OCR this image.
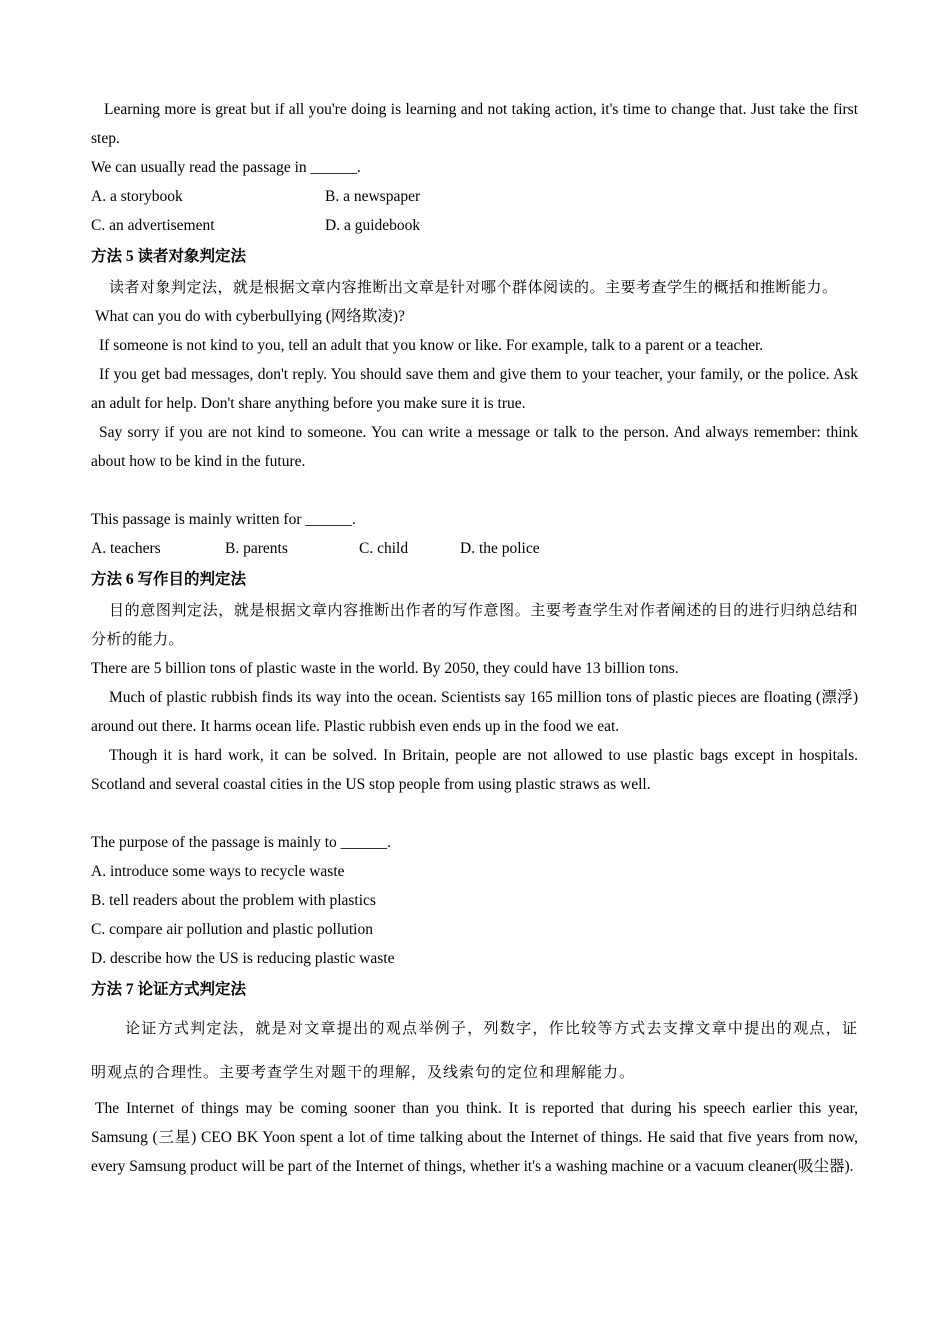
Learning more is great but if all you're doing is learning and not taking action, it's time to change that. Just take the first step.

We can usually read the passage in ______.

A. a storybook	B. a newspaper
C. an advertisement	D. a guidebook
方法 5 读者对象判定法

读者对象判定法，就是根据文章内容推断出文章是针对哪个群体阅读的。主要考查学生的概括和推断能力。

What can you do with cyberbullying (网络欺凌)?

If someone is not kind to you, tell an adult that you know or like. For example, talk to a parent or a teacher.

If you get bad messages, don't reply. You should save them and give them to your teacher, your family, or the police. Ask an adult for help. Don't share anything before you make sure it is true.

Say sorry if you are not kind to someone. You can write a message or talk to the person. And always remember: think about how to be kind in the future.

This passage is mainly written for ______.

A. teachers	B. parents	C. child	D. the police
方法 6 写作目的判定法

目的意图判定法，就是根据文章内容推断出作者的写作意图。主要考查学生对作者阐述的目的进行归纳总结和分析的能力。

There are 5 billion tons of plastic waste in the world. By 2050, they could have 13 billion tons.

Much of plastic rubbish finds its way into the ocean. Scientists say 165 million tons of plastic pieces are floating (漂浮) around out there. It harms ocean life. Plastic rubbish even ends up in the food we eat.

Though it is hard work, it can be solved. In Britain, people are not allowed to use plastic bags except in hospitals. Scotland and several coastal cities in the US stop people from using plastic straws as well.

The purpose of the passage is mainly to ______.

A. introduce some ways to recycle waste

B. tell readers about the problem with plastics

C. compare air pollution and plastic pollution

D. describe how the US is reducing plastic waste

方法 7 论证方式判定法

论证方式判定法，就是对文章提出的观点举例子，列数字，作比较等方式去支撑文章中提出的观点，证明观点的合理性。主要考查学生对题干的理解，及线索句的定位和理解能力。

The Internet of things may be coming sooner than you think. It is reported that during his speech earlier this year, Samsung (三星) CEO BK Yoon spent a lot of time talking about the Internet of things. He said that five years from now, every Samsung product will be part of the Internet of things, whether it's a washing machine or a vacuum cleaner(吸尘器).
